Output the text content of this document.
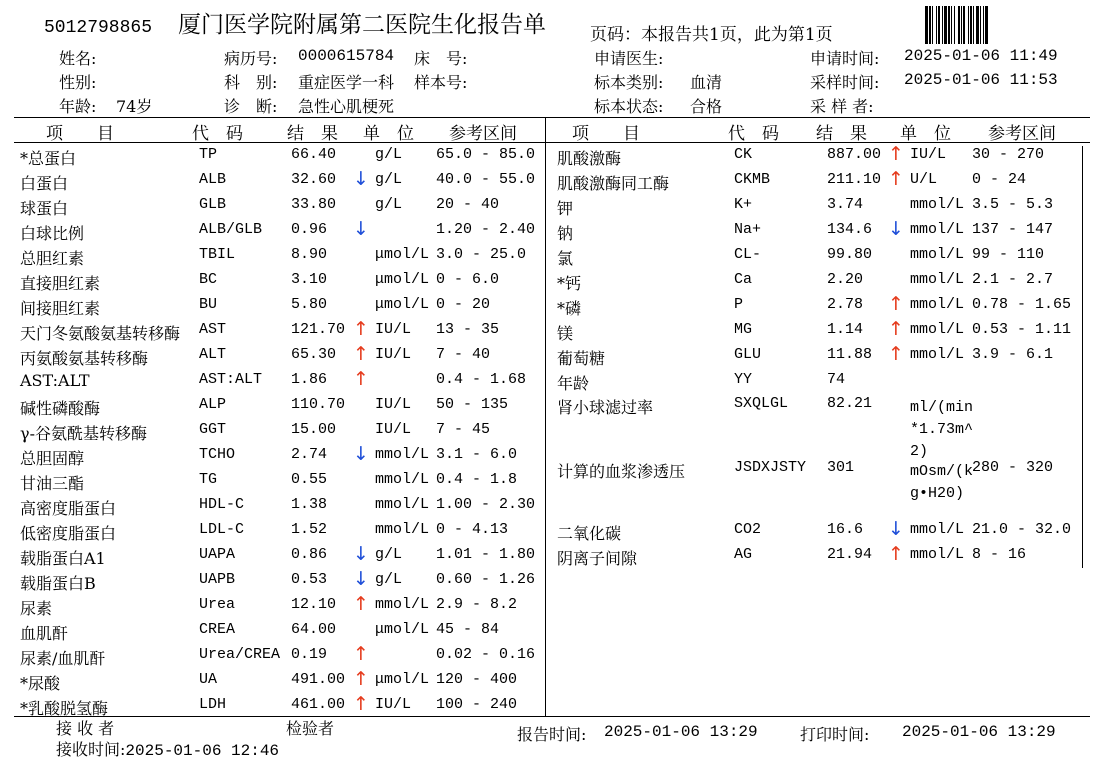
5012798865 厦门医学院附属第二医院生化报告单	页码：本报告共1页，此为第1页
姓名:
性别:
年龄: 74岁
病历号: 0000615784 床　号:
科　别: 重症医学一科 样本号:
诊　断: 急性心肌梗死
申请医生:
标本类别: 血清
标本状态: 合格
申请时间: 2025-01-06 11:49
采样时间: 2025-01-06 11:53
采 样 者:
项　　目	代　码	结　果 单　位 参考区间	项　　目	代　码 结　果 单　位 参考区间
*总蛋白	TP	66.40	g/L 65.0 - 85.0
白蛋白	ALB	32.60 ↓ g/L 40.0 - 55.0
球蛋白	GLB	33.80	g/L 20 - 40
白球比例	ALB/GLB 0.96 ↓	1.20 - 2.40
总胆红素	TBIL	8.90	μmol/L 3.0 - 25.0
直接胆红素	BC	3.10	μmol/L 0 - 6.0
间接胆红素	BU	5.80	μmol/L 0 - 20
天门冬氨酸氨基转移酶 AST	121.70 ↑ IU/L 13 - 35
丙氨酸氨基转移酶	ALT	65.30 ↑ IU/L 7 - 40
AST:ALT	AST:ALT 1.86 ↑	0.4 - 1.68
碱性磷酸酶	ALP	110.70 IU/L 50 - 135
γ-谷氨酰基转移酶	GGT	15.00	IU/L 7 - 45
总胆固醇	TCHO	2.74 ↓ mmol/L 3.1 - 6.0
甘油三酯	TG	0.55	mmol/L 0.4 - 1.8
高密度脂蛋白	HDL-C	1.38	mmol/L 1.00 - 2.30
低密度脂蛋白	LDL-C	1.52	mmol/L 0 - 4.13
载脂蛋白A1	UAPA	0.86 ↓ g/L 1.01 - 1.80
载脂蛋白B	UAPB	0.53 ↓ g/L 0.60 - 1.26
尿素	Urea	12.10 ↑ mmol/L 2.9 - 8.2
血肌酐	CREA	64.00	μmol/L 45 - 84
尿素/血肌酐	Urea/CREA 0.19 ↑	0.02 - 0.16
*尿酸	UA	491.00 ↑ μmol/L 120 - 400
*乳酸脱氢酶	LDH	461.00 ↑ IU/L 100 - 240
肌酸激酶	CK	887.00 ↑ IU/L 30 - 270
肌酸激酶同工酶	CKMB	211.10 ↑ U/L 0 - 24
钾	K+	3.74	mmol/L 3.5 - 5.3
钠	Na+	134.6 ↓ mmol/L 137 - 147
氯	CL-	99.80	mmol/L 99 - 110
*钙	Ca	2.20	mmol/L 2.1 - 2.7
*磷	P	2.78 ↑ mmol/L 0.78 - 1.65
镁	MG	1.14 ↑ mmol/L 0.53 - 1.11
葡萄糖	GLU	11.88 ↑ mmol/L 3.9 - 6.1
年龄	YY	74
肾小球滤过率	SXQLGL	82.21	ml/(min
*1.73m^
2)
计算的血浆渗透压	JSDXJSTY 301	mOsm/(k
g•H20)
280 - 320
二氧化碳	CO2	16.6 ↓ mmol/L 21.0 - 32.0
阴离子间隙	AG	21.94 ↑ mmol/L 8 - 16
接 收 者	检验者	报告时间: 2025-01-06 13:29	打印时间: 2025-01-06 13:29
接收时间:2025-01-06 12:46
